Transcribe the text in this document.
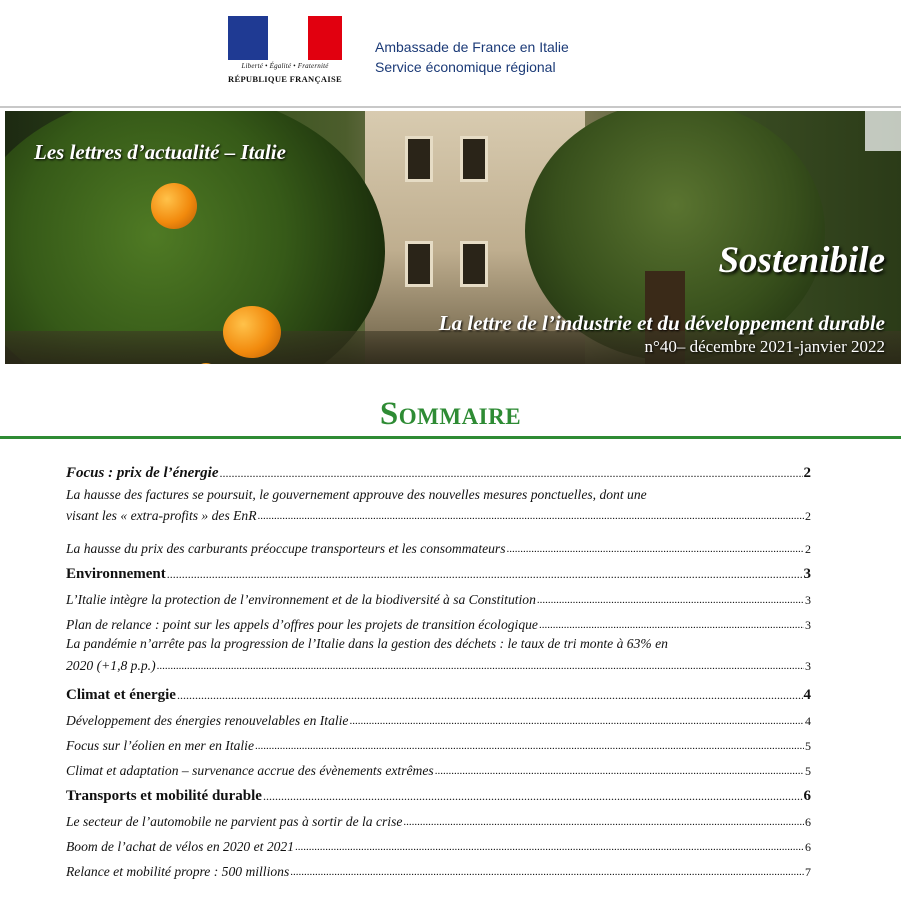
Liberté • Égalité • Fraternité
RÉPUBLIQUE FRANÇAISE
Ambassade de France en Italie
Service économique régional
Les lettres d’actualité – Italie
Sostenibile
La lettre de l’industrie et du développement durable
n°40– décembre 2021-janvier 2022
Sommaire
Focus : prix de l’énergie .....	2
La hausse des factures se poursuit, le gouvernement approuve des nouvelles mesures ponctuelles, dont une
visant les « extra-profits » des EnR .....	2
La hausse du prix des carburants préoccupe transporteurs et les consommateurs .....	2
Environnement .....	3
L’Italie intègre la protection de l’environnement et de la biodiversité à sa Constitution .....	3
Plan de relance : point sur les appels d’offres pour les projets de transition écologique .....	3
La pandémie n’arrête pas la progression de l’Italie dans la gestion des déchets : le taux de tri monte à 63% en
2020 (+1,8 p.p.) .....	3
Climat et énergie .....	4
Développement des énergies renouvelables en Italie .....	4
Focus sur l’éolien en mer en Italie .....	5
Climat et adaptation – survenance accrue des évènements extrêmes .....	5
Transports et mobilité durable .....	6
Le secteur de l’automobile ne parvient pas à sortir de la crise .....	6
Boom de l’achat de vélos en 2020 et 2021 .....	6
Relance et mobilité propre : 500 millions .....	7
